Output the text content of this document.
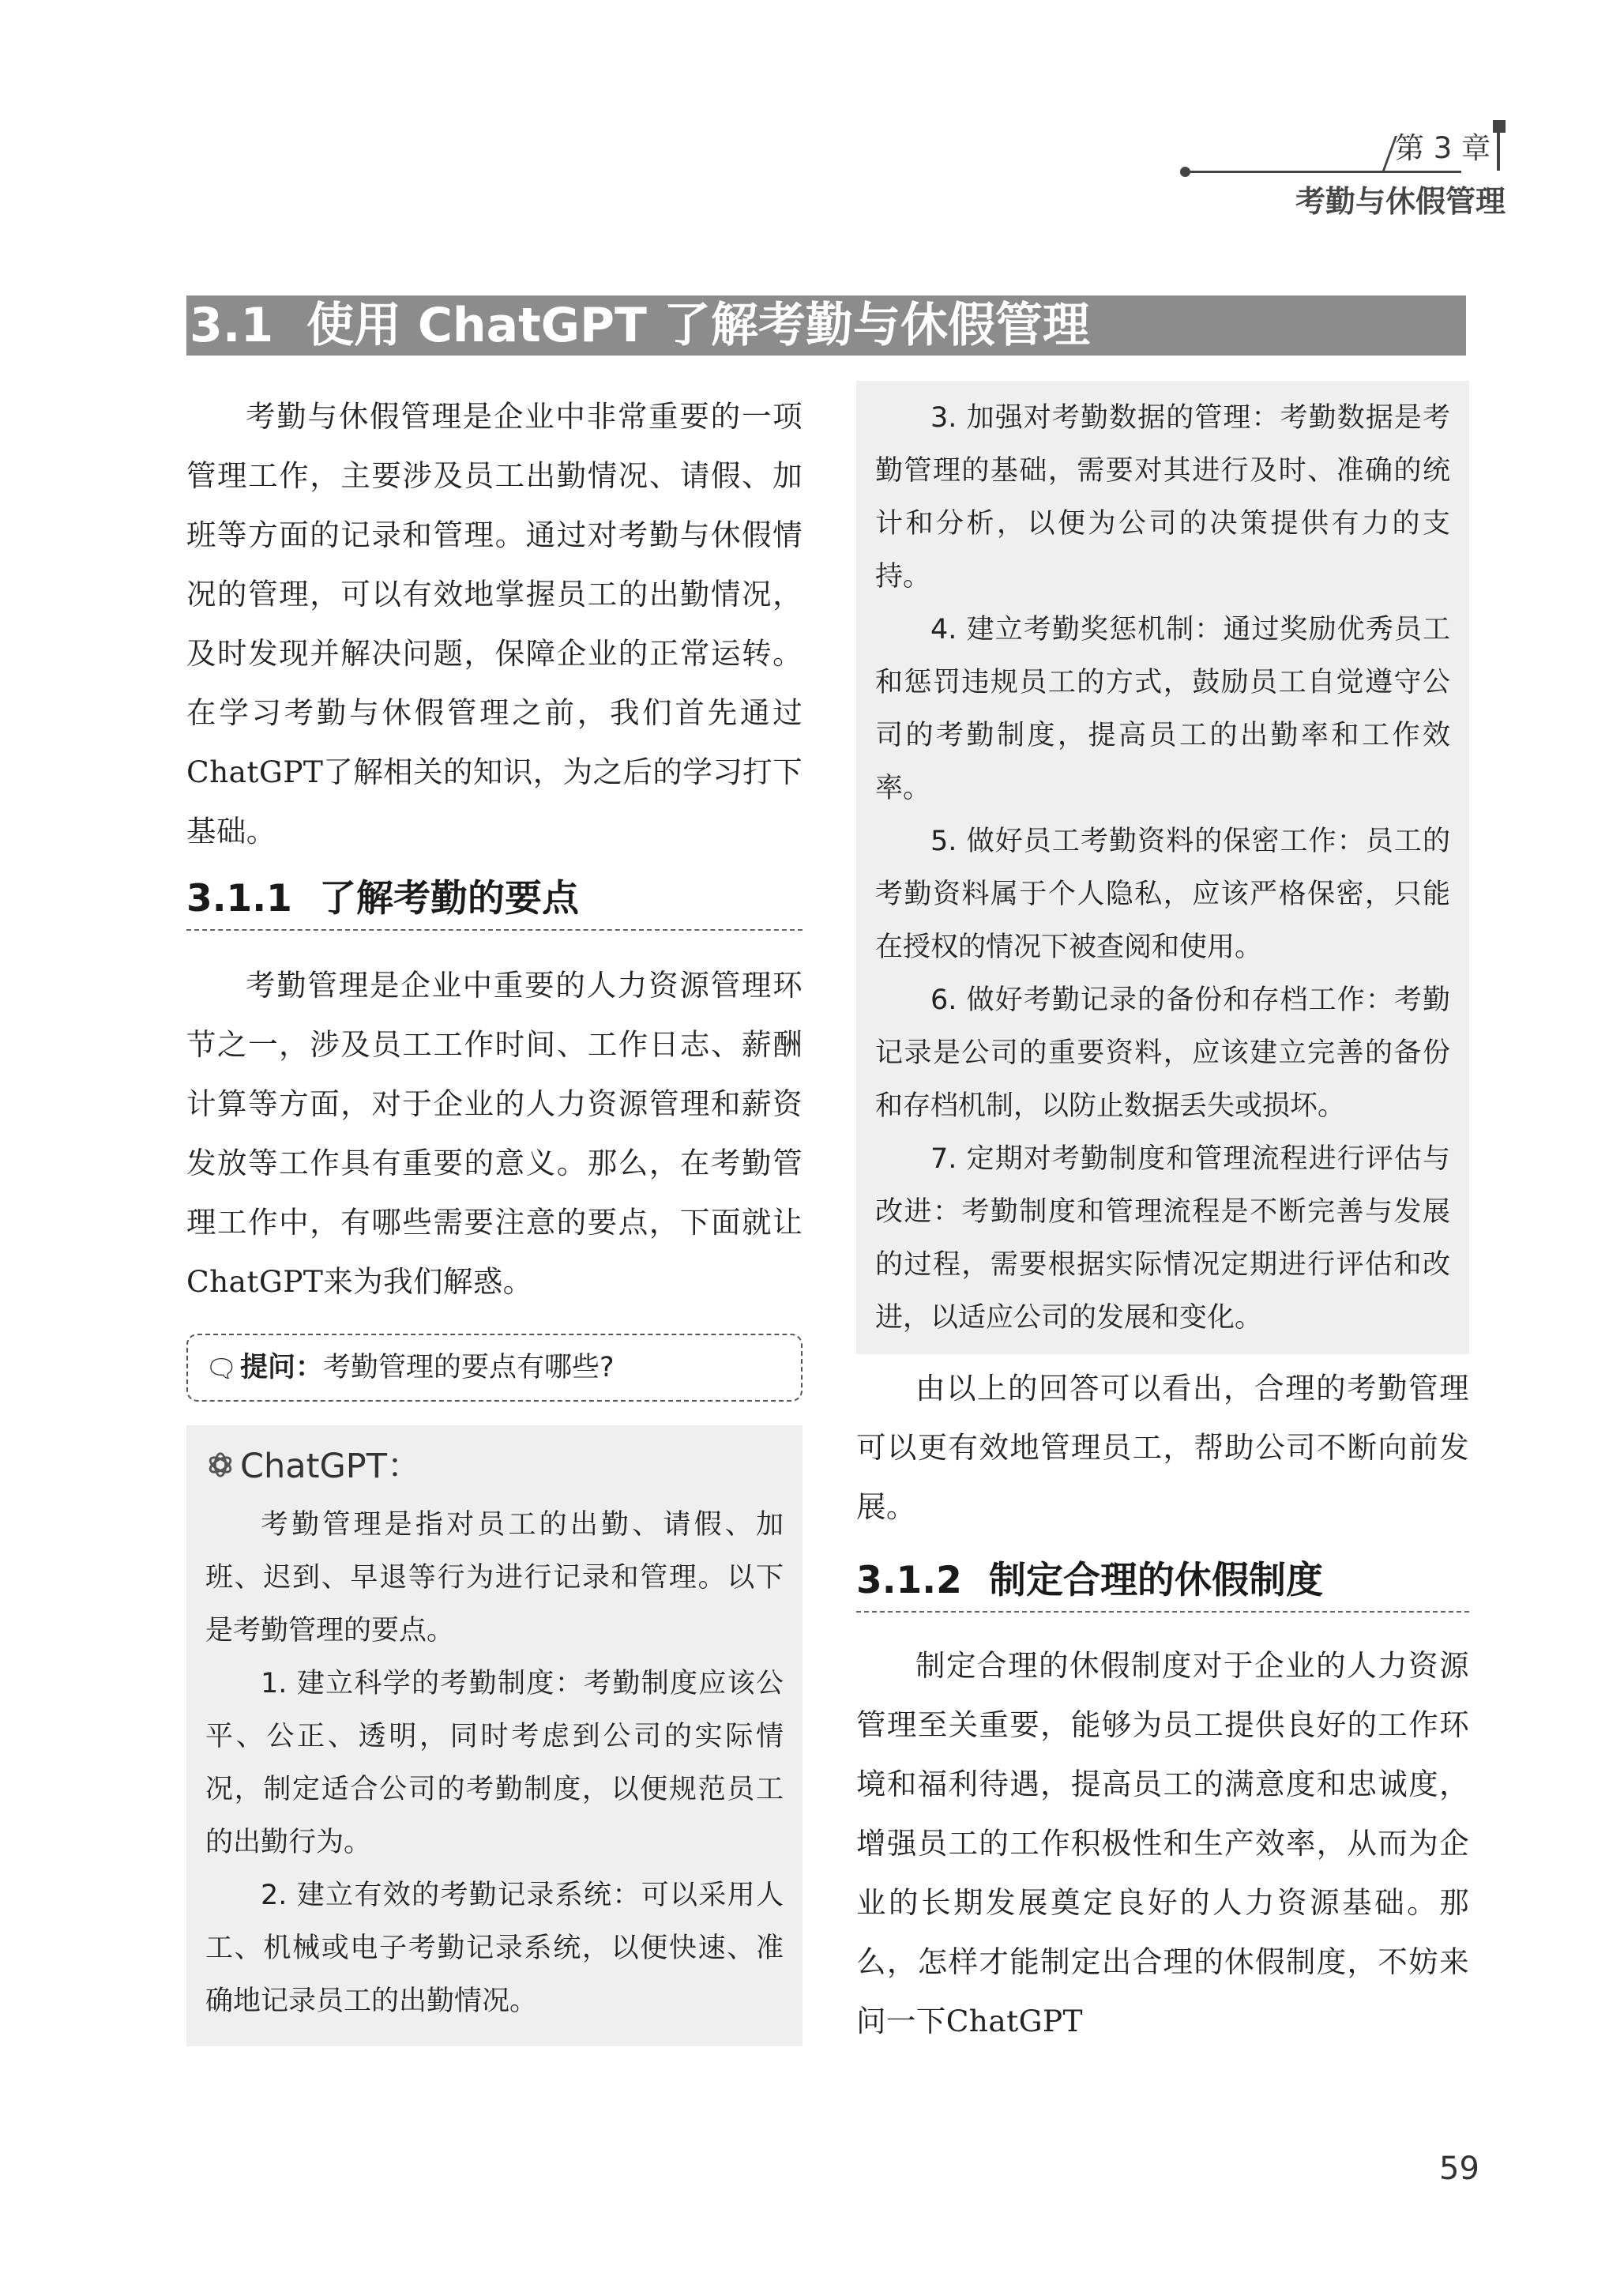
第 3 章
考勤与休假管理
3.1 使用 ChatGPT 了解考勤与休假管理

考勤与休假管理是企业中非常重要的一项管理工作，主要涉及员工出勤情况、请假、加班等方面的记录和管理。通过对考勤与休假情况的管理，可以有效地掌握员工的出勤情况，及时发现并解决问题，保障企业的正常运转。在学习考勤与休假管理之前，我们首先通过ChatGPT了解相关的知识，为之后的学习打下基础。

3.1.1 了解考勤的要点

考勤管理是企业中重要的人力资源管理环节之一，涉及员工工作时间、工作日志、薪酬计算等方面，对于企业的人力资源管理和薪资发放等工作具有重要的意义。那么，在考勤管理工作中，有哪些需要注意的要点，下面就让ChatGPT来为我们解惑。

🗨提问：考勤管理的要点有哪些?
ChatGPT：

考勤管理是指对员工的出勤、请假、加班、迟到、早退等行为进行记录和管理。以下是考勤管理的要点。

1. 建立科学的考勤制度：考勤制度应该公平、公正、透明，同时考虑到公司的实际情况，制定适合公司的考勤制度，以便规范员工的出勤行为。

2. 建立有效的考勤记录系统：可以采用人工、机械或电子考勤记录系统，以便快速、准确地记录员工的出勤情况。

3. 加强对考勤数据的管理：考勤数据是考勤管理的基础，需要对其进行及时、准确的统计和分析，以便为公司的决策提供有力的支持。

4. 建立考勤奖惩机制：通过奖励优秀员工和惩罚违规员工的方式，鼓励员工自觉遵守公司的考勤制度，提高员工的出勤率和工作效率。

5. 做好员工考勤资料的保密工作：员工的考勤资料属于个人隐私，应该严格保密，只能在授权的情况下被查阅和使用。

6. 做好考勤记录的备份和存档工作：考勤记录是公司的重要资料，应该建立完善的备份和存档机制，以防止数据丢失或损坏。

7. 定期对考勤制度和管理流程进行评估与改进：考勤制度和管理流程是不断完善与发展的过程，需要根据实际情况定期进行评估和改进，以适应公司的发展和变化。

由以上的回答可以看出，合理的考勤管理可以更有效地管理员工，帮助公司不断向前发展。

3.1.2 制定合理的休假制度

制定合理的休假制度对于企业的人力资源管理至关重要，能够为员工提供良好的工作环境和福利待遇，提高员工的满意度和忠诚度，增强员工的工作积极性和生产效率，从而为企业的长期发展奠定良好的人力资源基础。那么，怎样才能制定出合理的休假制度，不妨来问一下ChatGPT

59
